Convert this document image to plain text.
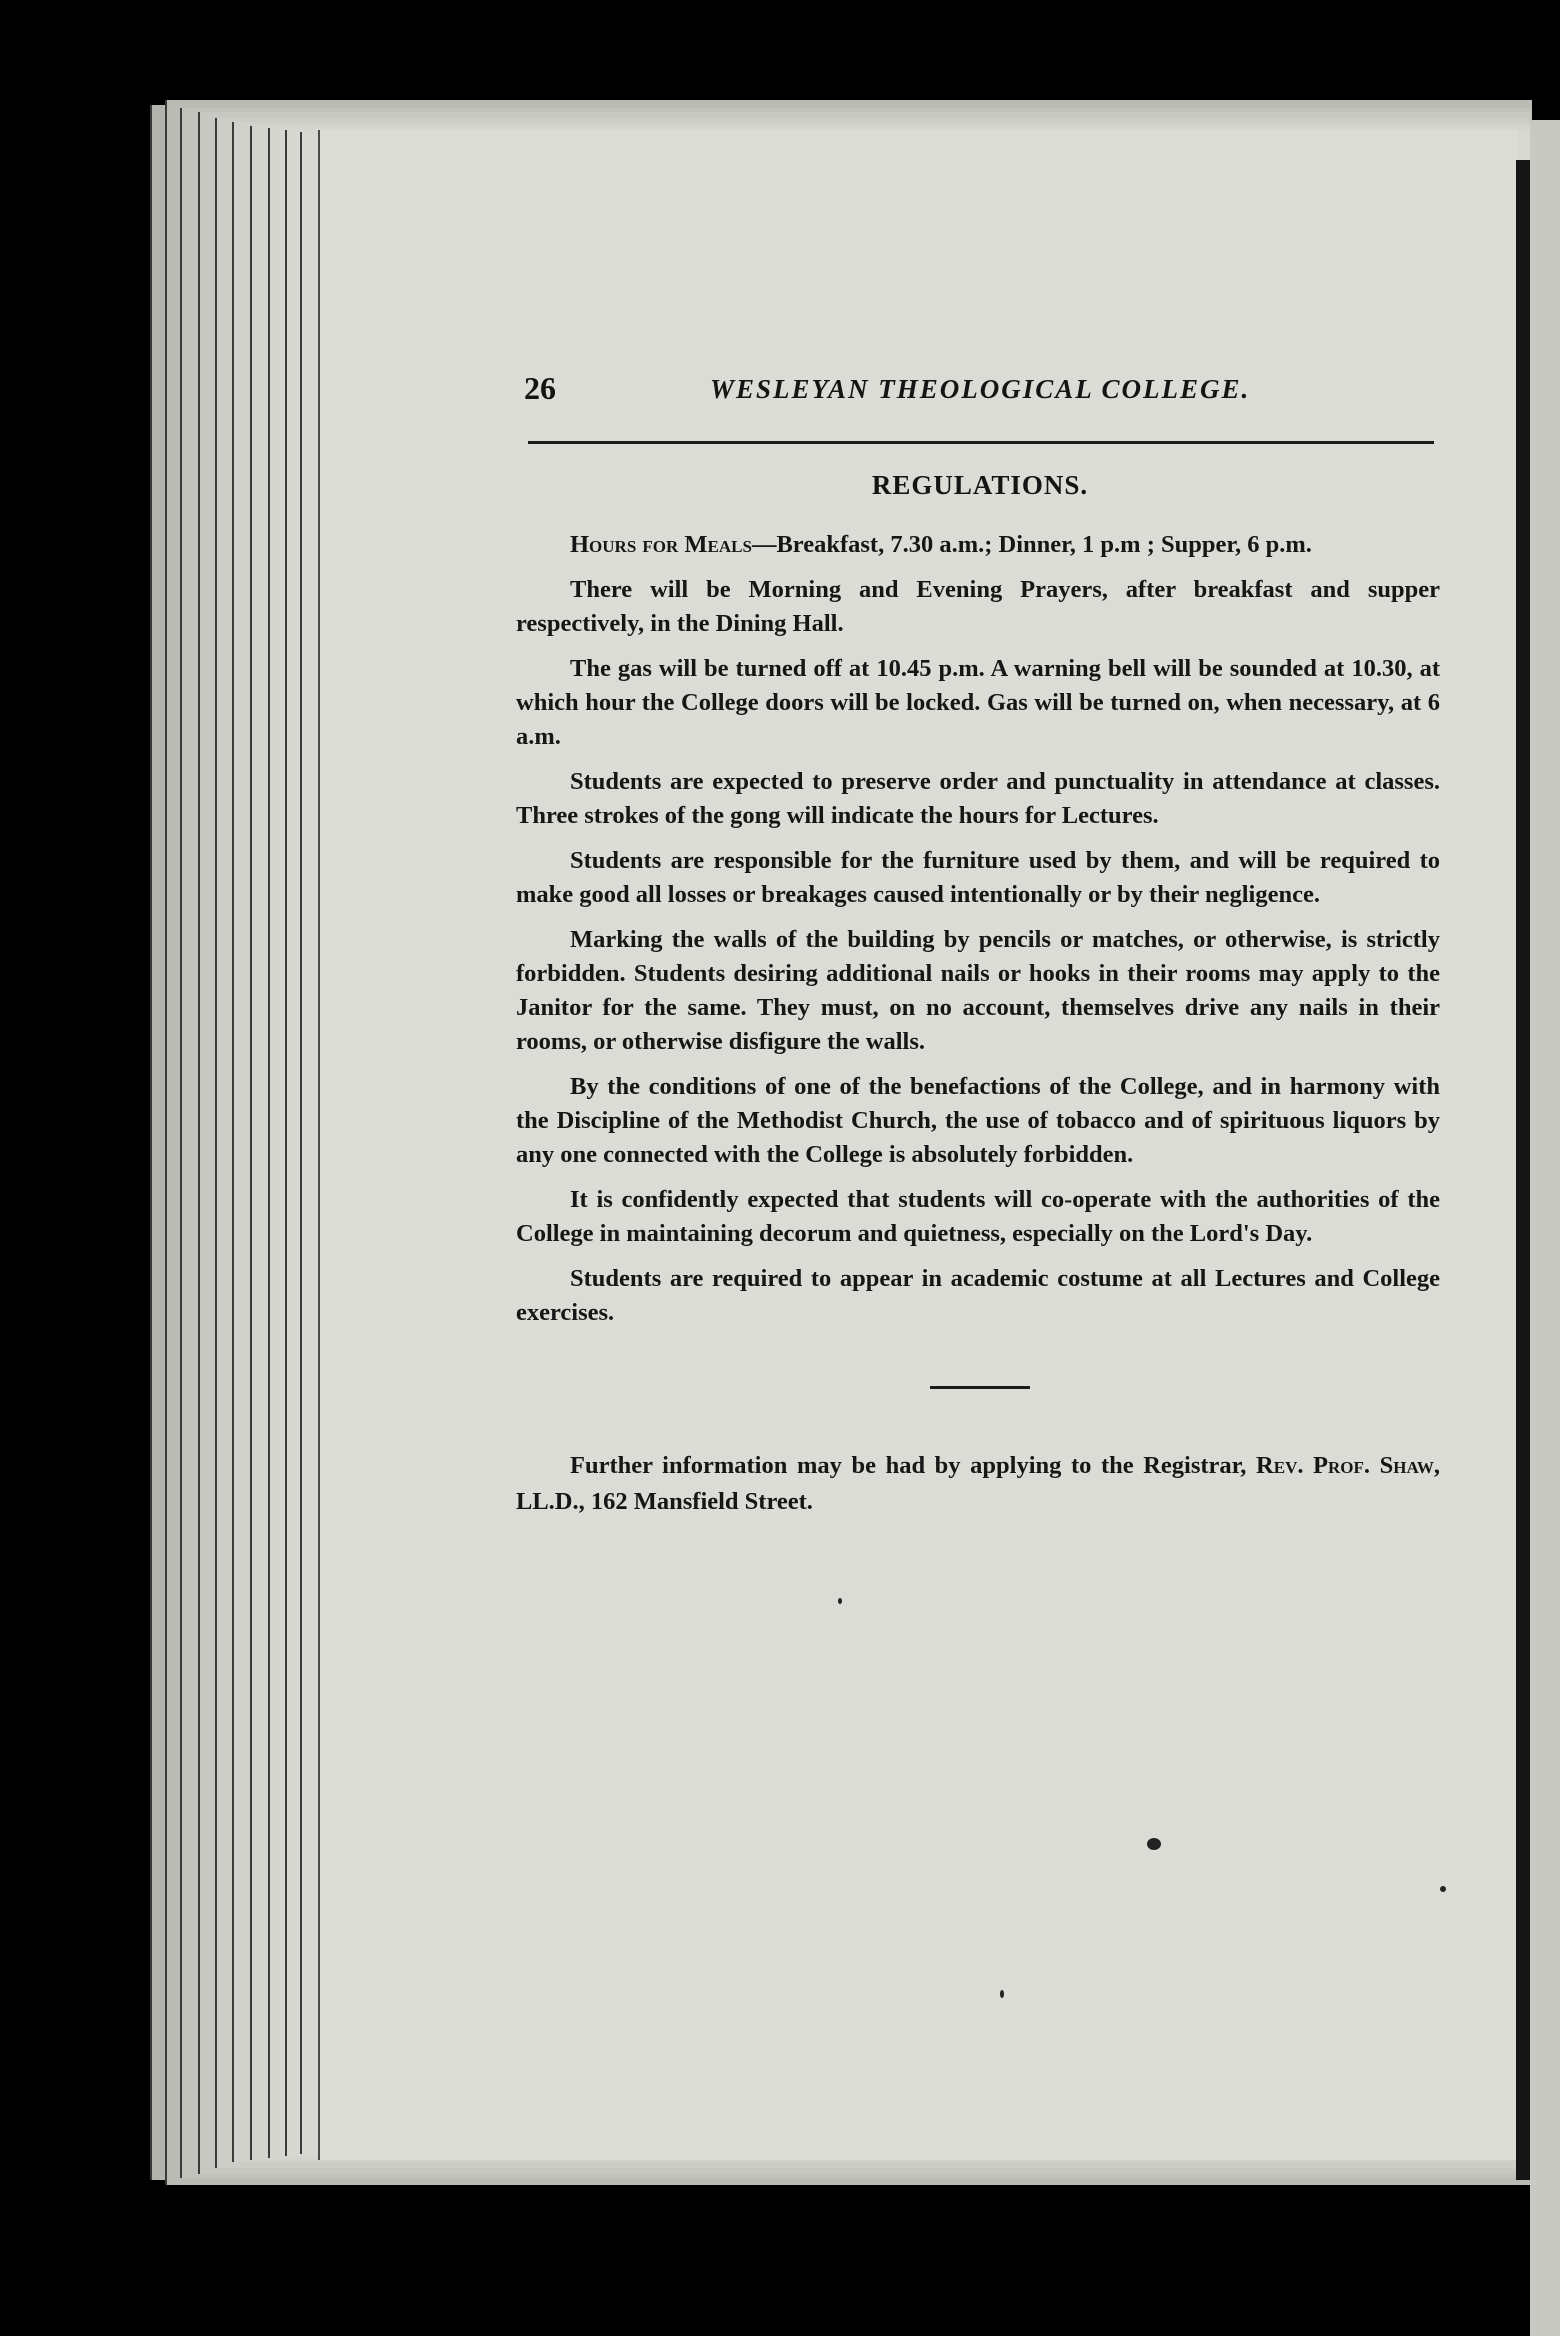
26	WESLEYAN THEOLOGICAL COLLEGE.
REGULATIONS.

Hours for Meals—Breakfast, 7.30 a.m.; Dinner, 1 p.m ; Supper, 6 p.m.

There will be Morning and Evening Prayers, after breakfast and supper respectively, in the Dining Hall.

The gas will be turned off at 10.45 p.m. A warning bell will be sounded at 10.30, at which hour the College doors will be locked. Gas will be turned on, when necessary, at 6 a.m.

Students are expected to preserve order and punctuality in attendance at classes. Three strokes of the gong will indicate the hours for Lectures.

Students are responsible for the furniture used by them, and will be required to make good all losses or breakages caused intentionally or by their negligence.

Marking the walls of the building by pencils or matches, or otherwise, is strictly forbidden. Students desiring additional nails or hooks in their rooms may apply to the Janitor for the same. They must, on no account, themselves drive any nails in their rooms, or otherwise disfigure the walls.

By the conditions of one of the benefactions of the College, and in harmony with the Discipline of the Methodist Church, the use of tobacco and of spirituous liquors by any one connected with the College is absolutely forbidden.

It is confidently expected that students will co-operate with the authorities of the College in maintaining decorum and quietness, especially on the Lord's Day.

Students are required to appear in academic costume at all Lectures and College exercises.

Further information may be had by applying to the Registrar, Rev. Prof. Shaw, LL.D., 162 Mansfield Street.
